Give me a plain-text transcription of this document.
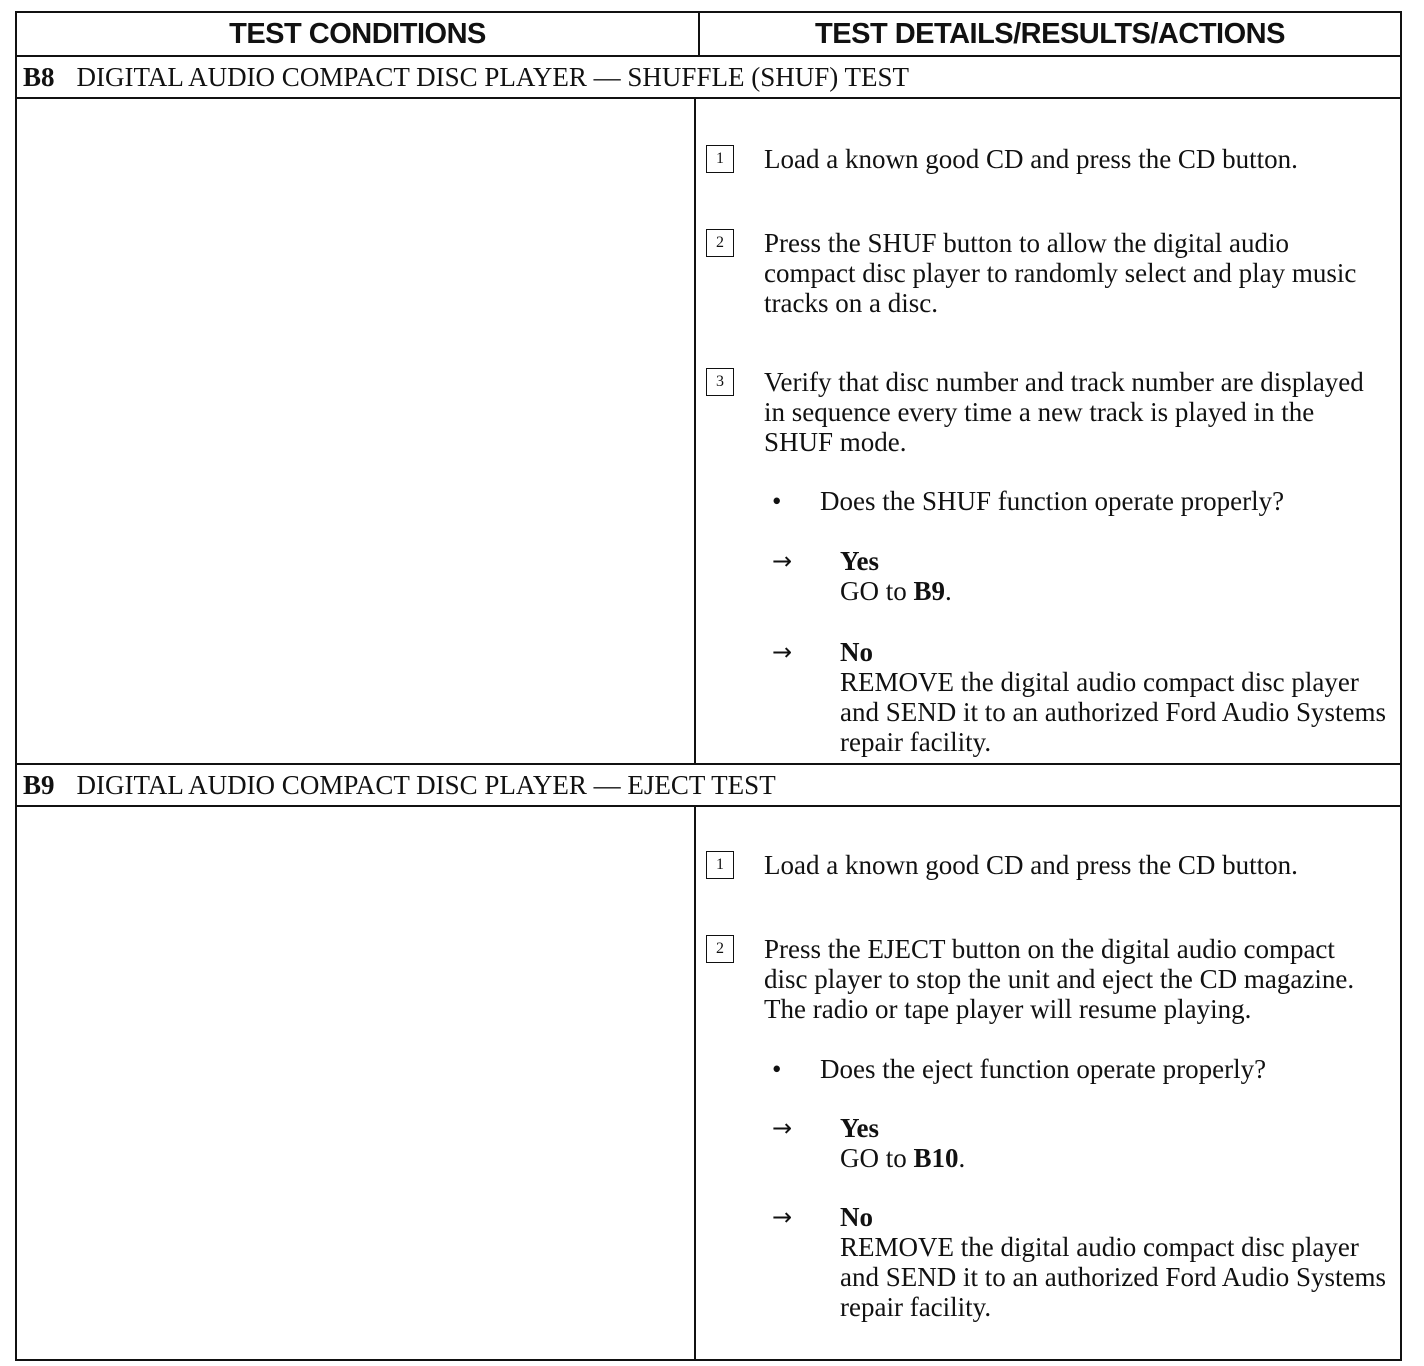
TEST CONDITIONS	TEST DETAILS/RESULTS/ACTIONS
B8 DIGITAL AUDIO COMPACT DISC PLAYER — SHUFFLE (SHUF) TEST
1	Load a known good CD and press the CD button.
2	Press the SHUF button to allow the digital audio compact disc player to randomly select and play music tracks on a disc.
3	Verify that disc number and track number are displayed in sequence every time a new track is played in the SHUF mode.
•	Does the SHUF function operate properly?
→	Yes
GO to B9.
→	No
REMOVE the digital audio compact disc player and SEND it to an authorized Ford Audio Systems repair facility.
B9 DIGITAL AUDIO COMPACT DISC PLAYER — EJECT TEST
1	Load a known good CD and press the CD button.
2	Press the EJECT button on the digital audio compact disc player to stop the unit and eject the CD magazine. The radio or tape player will resume playing.
•	Does the eject function operate properly?
→	Yes
GO to B10.
→	No
REMOVE the digital audio compact disc player and SEND it to an authorized Ford Audio Systems repair facility.
